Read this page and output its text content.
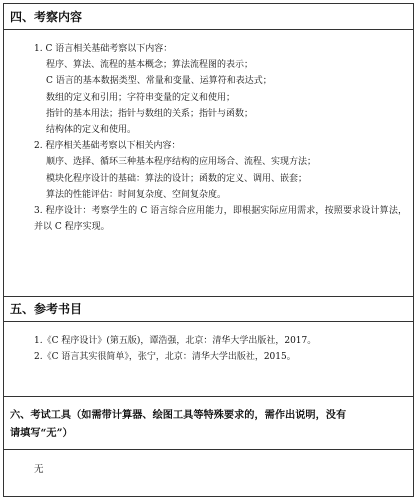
四、考察内容
1. C 语言相关基础考察以下内容：
程序、算法、流程的基本概念；算法流程图的表示；
C 语言的基本数据类型、常量和变量、运算符和表达式；
数组的定义和引用；字符串变量的定义和使用；
指针的基本用法；指针与数组的关系；指针与函数；
结构体的定义和使用。
2. 程序相关基础考察以下相关内容：
顺序、选择、循环三种基本程序结构的应用场合、流程、实现方法；
模块化程序设计的基础：算法的设计；函数的定义、调用、嵌套；
算法的性能评估：时间复杂度、空间复杂度。
3. 程序设计：考察学生的 C 语言综合应用能力，即根据实际应用需求，按照要求设计算法，并以 C 程序实现。
五、参考书目
1.《C 程序设计》(第五版)，谭浩强，北京：清华大学出版社，2017。
2.《C 语言其实很简单》，张宁，北京：清华大学出版社，2015。
六、考试工具（如需带计算器、绘图工具等特殊要求的，需作出说明，没有
请填写“无”）
无
